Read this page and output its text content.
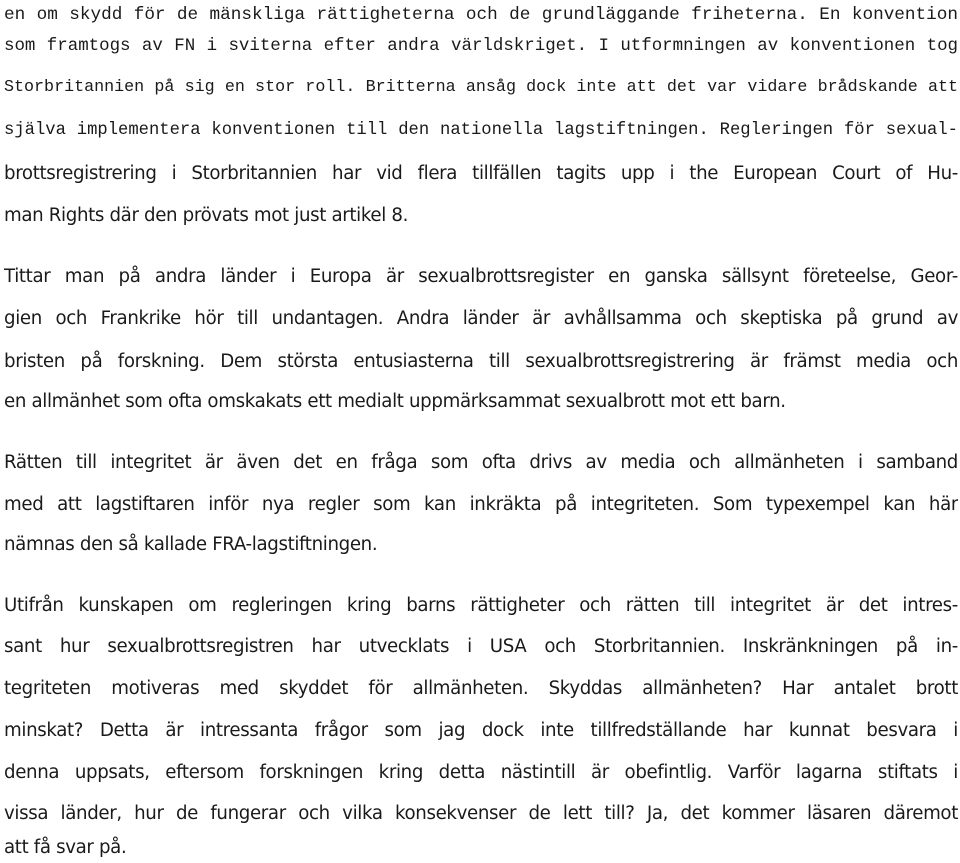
en om skydd för de mänskliga rättigheterna och de grundläggande friheterna. En konvention
som framtogs av FN i sviterna efter andra världskriget. I utformningen av konventionen tog
Storbritannien på sig en stor roll. Britterna ansåg dock inte att det var vidare brådskande att
själva implementera konventionen till den nationella lagstiftningen. Regleringen för sexual-
brottsregistrering i Storbritannien har vid flera tillfällen tagits upp i the European Court of Hu-
man Rights där den prövats mot just artikel 8.
Tittar man på andra länder i Europa är sexualbrottsregister en ganska sällsynt företeelse, Geor-
gien och Frankrike hör till undantagen. Andra länder är avhållsamma och skeptiska på grund av
bristen på forskning. Dem största entusiasterna till sexualbrottsregistrering är främst media och
en allmänhet som ofta omskakats ett medialt uppmärksammat sexualbrott mot ett barn.
Rätten till integritet är även det en fråga som ofta drivs av media och allmänheten i samband
med att lagstiftaren inför nya regler som kan inkräkta på integriteten. Som typexempel kan här
nämnas den så kallade FRA-lagstiftningen.
Utifrån kunskapen om regleringen kring barns rättigheter och rätten till integritet är det intres-
sant hur sexualbrottsregistren har utvecklats i USA och Storbritannien. Inskränkningen på in-
tegriteten motiveras med skyddet för allmänheten. Skyddas allmänheten? Har antalet brott
minskat? Detta är intressanta frågor som jag dock inte tillfredställande har kunnat besvara i
denna uppsats, eftersom forskningen kring detta nästintill är obefintlig. Varför lagarna stiftats i
vissa länder, hur de fungerar och vilka konsekvenser de lett till? Ja, det kommer läsaren däremot
att få svar på.
